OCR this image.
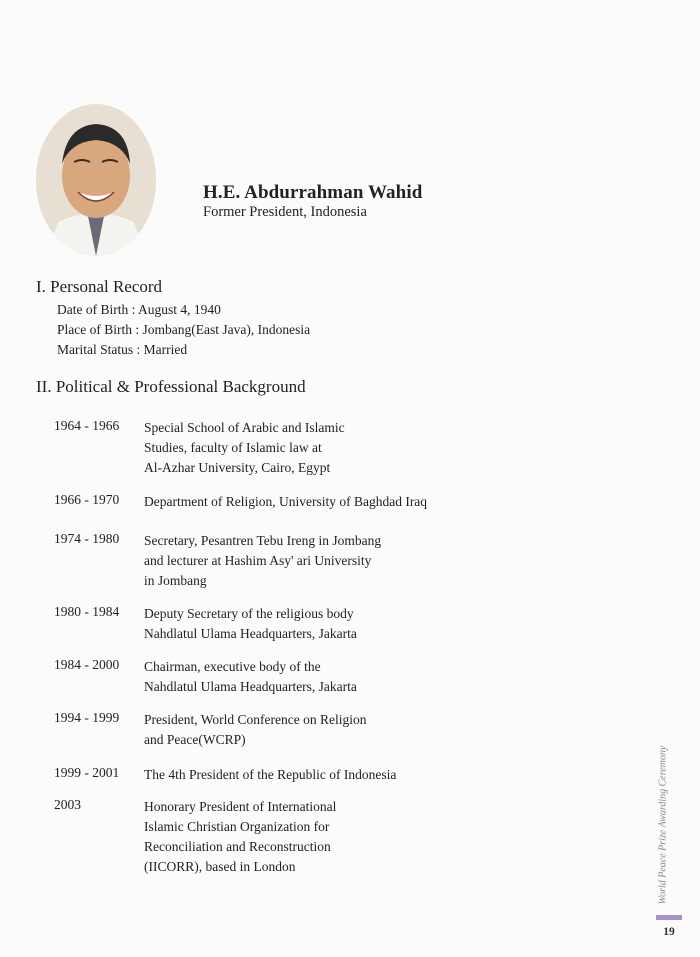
H.E. Abdurrahman Wahid
Former President, Indonesia
I. Personal Record
Date of Birth : August 4, 1940
Place of Birth : Jombang(East Java), Indonesia
Marital Status : Married
II. Political & Professional Background
1964 - 1966 Special School of Arabic and Islamic
Studies, faculty of Islamic law at
Al-Azhar University, Cairo, Egypt
1966 - 1970 Department of Religion, University of Baghdad Iraq
1974 - 1980 Secretary, Pesantren Tebu Ireng in Jombang
and lecturer at Hashim Asy' ari University
in Jombang
1980 - 1984 Deputy Secretary of the religious body
Nahdlatul Ulama Headquarters, Jakarta
1984 - 2000 Chairman, executive body of the
Nahdlatul Ulama Headquarters, Jakarta
1994 - 1999 President, World Conference on Religion
and Peace(WCRP)
1999 - 2001 The 4th President of the Republic of Indonesia
2003	Honorary President of International
Islamic Christian Organization for
Reconciliation and Reconstruction
(IICORR), based in London	World Peace Prize Awarding Ceremony
19
